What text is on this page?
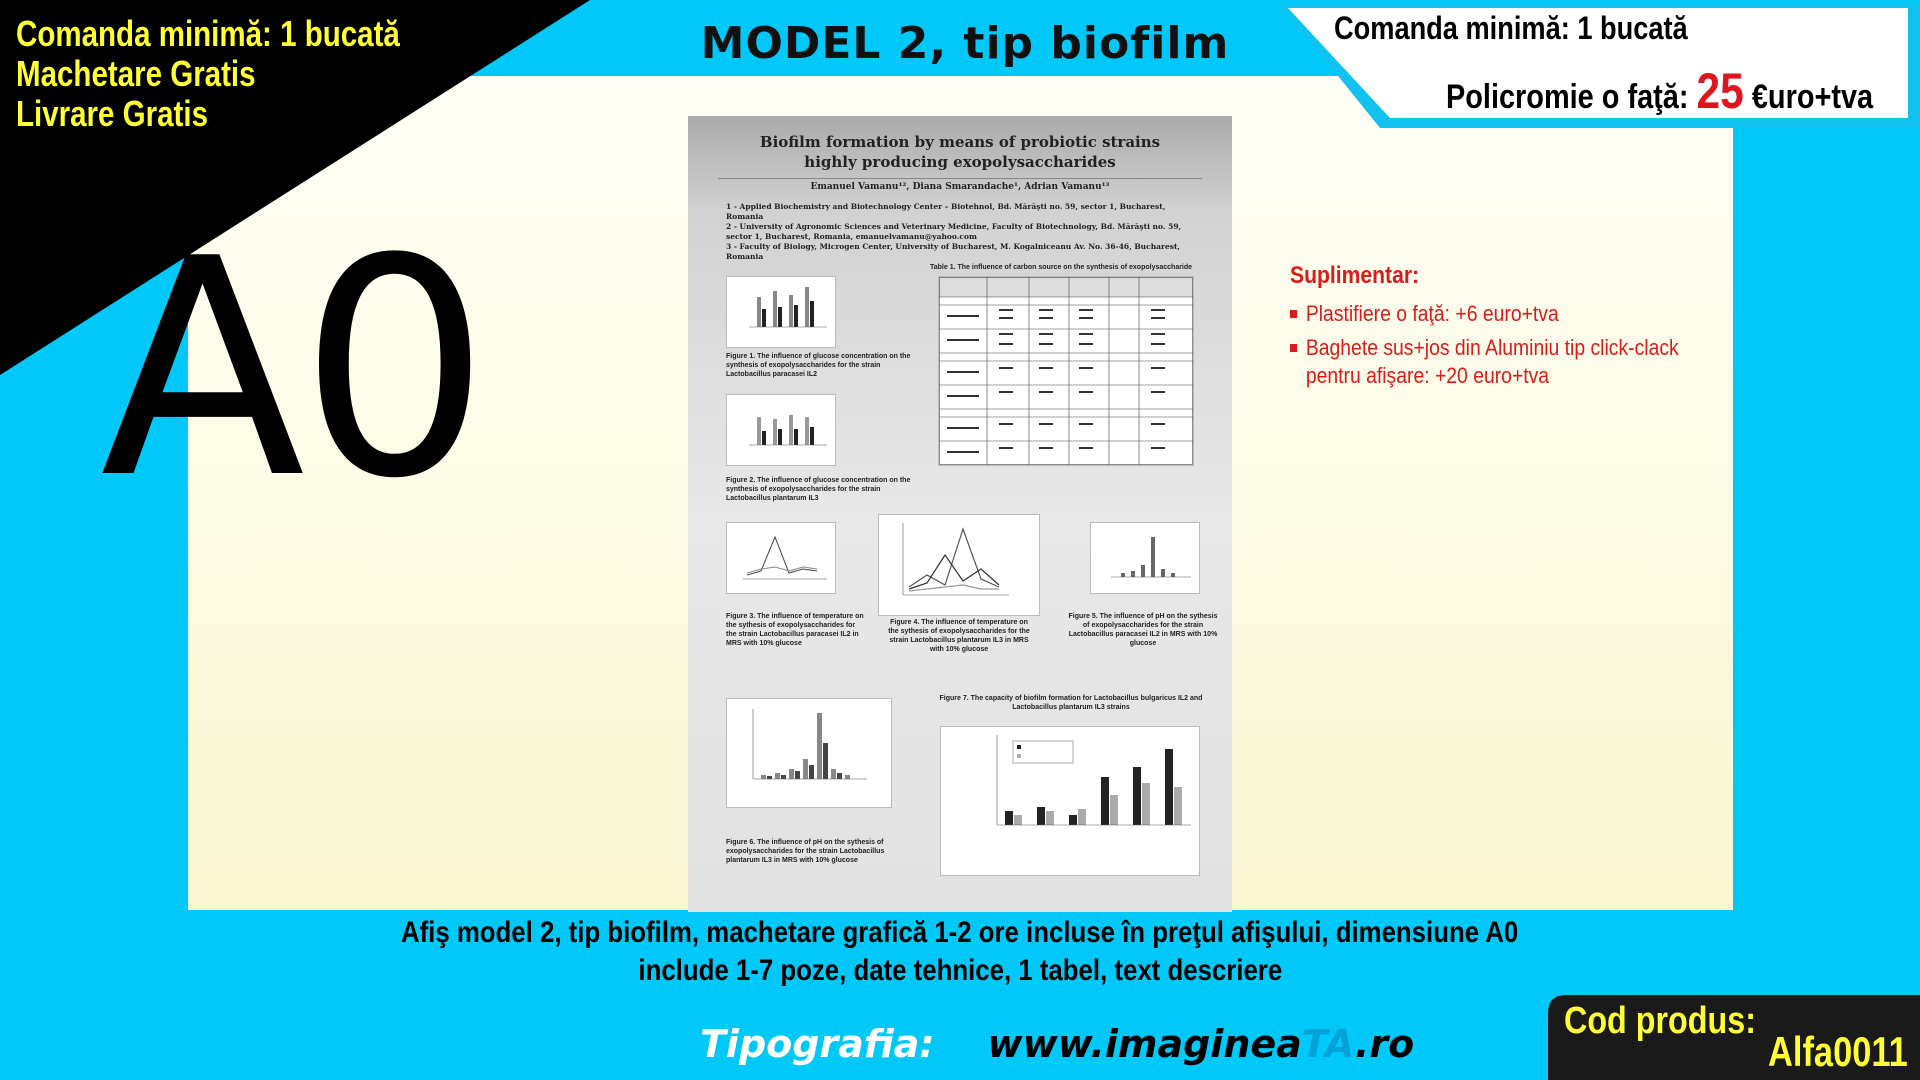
Comanda minimă: 1 bucată
Machetare Gratis
Livrare Gratis
A0
MODEL 2, tip biofilm	Comanda minimă: 1 bucată
Policromie o faţă: 25 €uro+tva
Suplimentar:
Plastifiere o faţă: +6 euro+tva
Baghete sus+jos din Aluminiu tip click-clack pentru afişare: +20 euro+tva
Biofilm formation by means of probiotic strains
highly producing exopolysaccharides
Emanuel Vamanu¹², Diana Smarandache¹, Adrian Vamanu¹³
1 - Applied Biochemistry and Biotechnology Center – Biotehnol, Bd. Mărăşti no. 59, sector 1, Bucharest, Romania
2 - University of Agronomic Sciences and Veterinary Medicine, Faculty of Biotechnology, Bd. Mărăşti no. 59, sector 1, Bucharest, Romania, emanuelvamanu@yahoo.com
3 - Faculty of Biology, Microgen Center, University of Bucharest, M. Kogalniceanu Av. No. 36-46, Bucharest, Romania
Table 1. The influence of carbon source on the synthesis of exopolysaccharide
Figure 1. The influence of glucose concentration on the synthesis of exopolysaccharides for the strain Lactobacillus paracasei IL2
Figure 2. The influence of glucose concentration on the synthesis of exopolysaccharides for the strain Lactobacillus plantarum IL3
Figure 3. The influence of temperature on the sythesis of exopolysaccharides for the strain Lactobacillus paracasei IL2 in MRS with 10% glucose
Figure 4. The influence of temperature on the sythesis of exopolysaccharides for the strain Lactobacillus plantarum IL3 in MRS with 10% glucose
Figure 5. The influence of pH on the sythesis of exopolysaccharides for the strain Lactobacillus paracasei IL2 in MRS with 10% glucose
Figure 6. The influence of pH on the sythesis of exopolysaccharides for the strain Lactobacillus plantarum IL3 in MRS with 10% glucose
Figure 7. The capacity of biofilm formation for Lactobacillus bulgaricus IL2 and Lactobacillus plantarum IL3 strains
Afiş model 2, tip biofilm, machetare grafică 1-2 ore incluse în preţul afişului, dimensiune A0
include 1-7 poze, date tehnice, 1 tabel, text descriere
Tipografia: www.imagineaTA.ro
Cod produs:
Alfa0011
